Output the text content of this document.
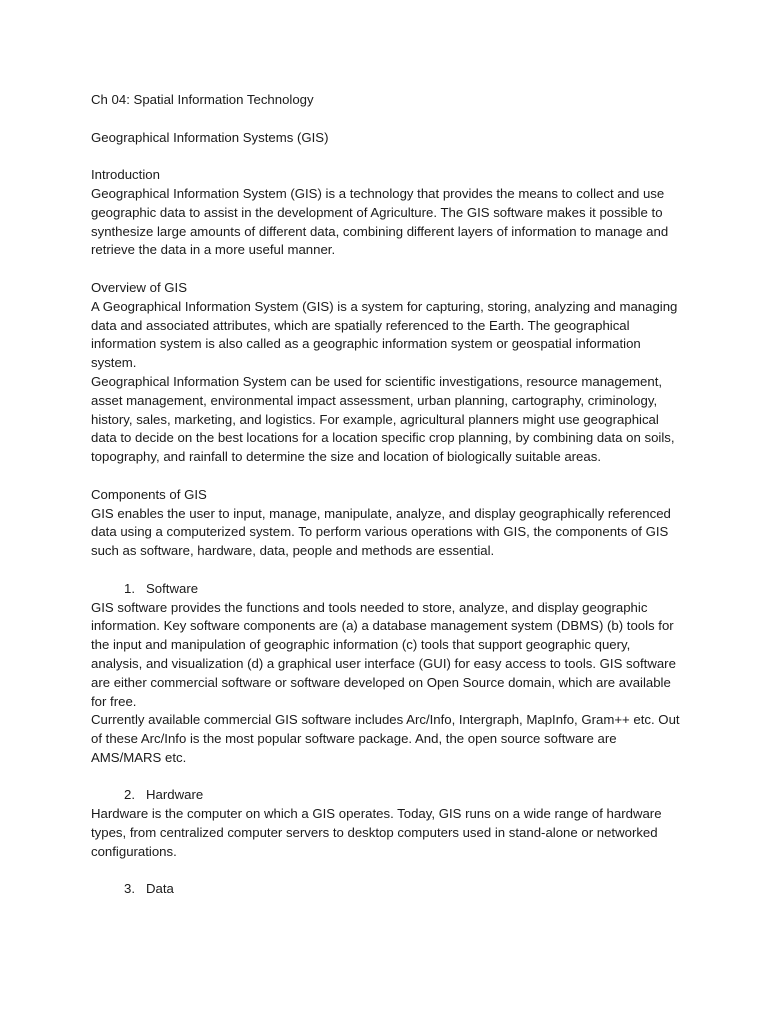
Ch 04: Spatial Information Technology

Geographical Information Systems (GIS)

Introduction

Geographical Information System (GIS) is a technology that provides the means to collect and use geographic data to assist in the development of Agriculture. The GIS software makes it possible to synthesize large amounts of different data, combining different layers of information to manage and retrieve the data in a more useful manner.

Overview of GIS

A Geographical Information System (GIS) is a system for capturing, storing, analyzing and managing data and associated attributes, which are spatially referenced to the Earth. The geographical information system is also called as a geographic information system or geospatial information system.

Geographical Information System can be used for scientific investigations, resource management, asset management, environmental impact assessment, urban planning, cartography, criminology, history, sales, marketing, and logistics. For example, agricultural planners might use geographical data to decide on the best locations for a location specific crop planning, by combining data on soils, topography, and rainfall to determine the size and location of biologically suitable areas.

Components of GIS

GIS enables the user to input, manage, manipulate, analyze, and display geographically referenced data using a computerized system. To perform various operations with GIS, the components of GIS such as software, hardware, data, people and methods are essential.

1. Software

GIS software provides the functions and tools needed to store, analyze, and display geographic information. Key software components are (a) a database management system (DBMS) (b) tools for the input and manipulation of geographic information (c) tools that support geographic query, analysis, and visualization (d) a graphical user interface (GUI) for easy access to tools. GIS software are either commercial software or software developed on Open Source domain, which are available for free.

Currently available commercial GIS software includes Arc/Info, Intergraph, MapInfo, Gram++ etc. Out of these Arc/Info is the most popular software package. And, the open source software are AMS/MARS etc.

2. Hardware

Hardware is the computer on which a GIS operates. Today, GIS runs on a wide range of hardware types, from centralized computer servers to desktop computers used in stand-alone or networked configurations.

3. Data
